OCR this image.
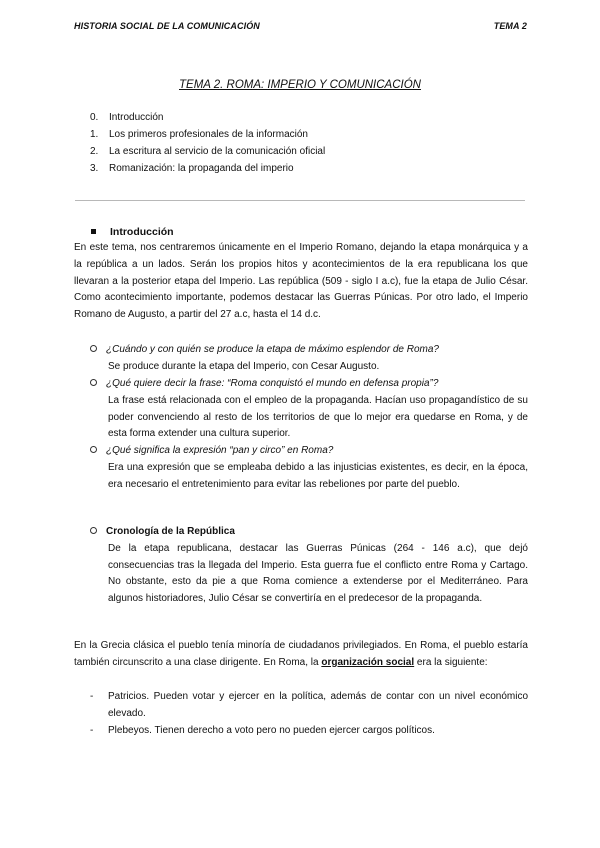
HISTORIA SOCIAL DE LA COMUNICACIÓN	TEMA 2
TEMA 2. ROMA: IMPERIO Y COMUNICACIÓN
0.	Introducción
1.	Los primeros profesionales de la información
2.	La escritura al servicio de la comunicación oficial
3.	Romanización: la propaganda del imperio
Introducción
En este tema, nos centraremos únicamente en el Imperio Romano, dejando la etapa monárquica y a la república a un lados. Serán los propios hitos y acontecimientos de la era republicana los que llevaran a la posterior etapa del Imperio. Las república (509 - siglo I a.c), fue la etapa de Julio César. Como acontecimiento importante, podemos destacar las Guerras Púnicas. Por otro lado, el Imperio Romano de Augusto, a partir del 27 a.c, hasta el 14 d.c.
¿Cuándo y con quién se produce la etapa de máximo esplendor de Roma?
Se produce durante la etapa del Imperio, con Cesar Augusto.
¿Qué quiere decir la frase: “Roma conquistó el mundo en defensa propia”?
La frase está relacionada con el empleo de la propaganda. Hacían uso propagandístico de su poder convenciendo al resto de los territorios de que lo mejor era quedarse en Roma, y de esta forma extender una cultura superior.
¿Qué significa la expresión “pan y circo” en Roma?
Era una expresión que se empleaba debido a las injusticias existentes, es decir, en la época, era necesario el entretenimiento para evitar las rebeliones por parte del pueblo.
Cronología de la República
De la etapa republicana, destacar las Guerras Púnicas (264 - 146 a.c), que dejó consecuencias tras la llegada del Imperio. Esta guerra fue el conflicto entre Roma y Cartago. No obstante, esto da pie a que Roma comience a extenderse por el Mediterráneo. Para algunos historiadores, Julio César se convertiría en el predecesor de la propaganda.
En la Grecia clásica el pueblo tenía minoría de ciudadanos privilegiados. En Roma, el pueblo estaría también circunscrito a una clase dirigente. En Roma, la organización social era la siguiente:
-	Patricios. Pueden votar y ejercer en la política, además de contar con un nivel económico elevado.
-	Plebeyos. Tienen derecho a voto pero no pueden ejercer cargos políticos.
